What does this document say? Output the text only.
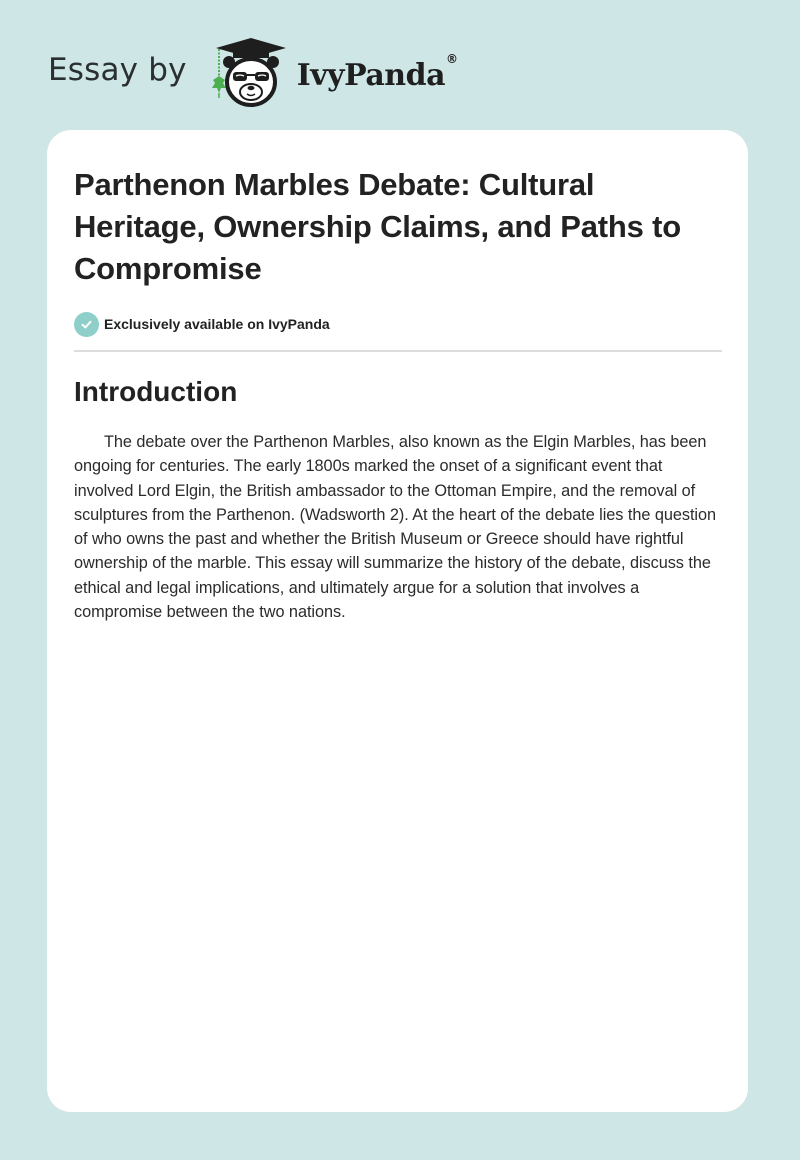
Essay by	IvyPanda®
Parthenon Marbles Debate: Cultural Heritage, Ownership Claims, and Paths to Compromise
Exclusively available on IvyPanda
Introduction

The debate over the Parthenon Marbles, also known as the Elgin Marbles, has been ongoing for centuries. The early 1800s marked the onset of a significant event that involved Lord Elgin, the British ambassador to the Ottoman Empire, and the removal of sculptures from the Parthenon. (Wadsworth 2). At the heart of the debate lies the question of who owns the past and whether the British Museum or Greece should have rightful ownership of the marble. This essay will summarize the history of the debate, discuss the ethical and legal implications, and ultimately argue for a solution that involves a compromise between the two nations.
